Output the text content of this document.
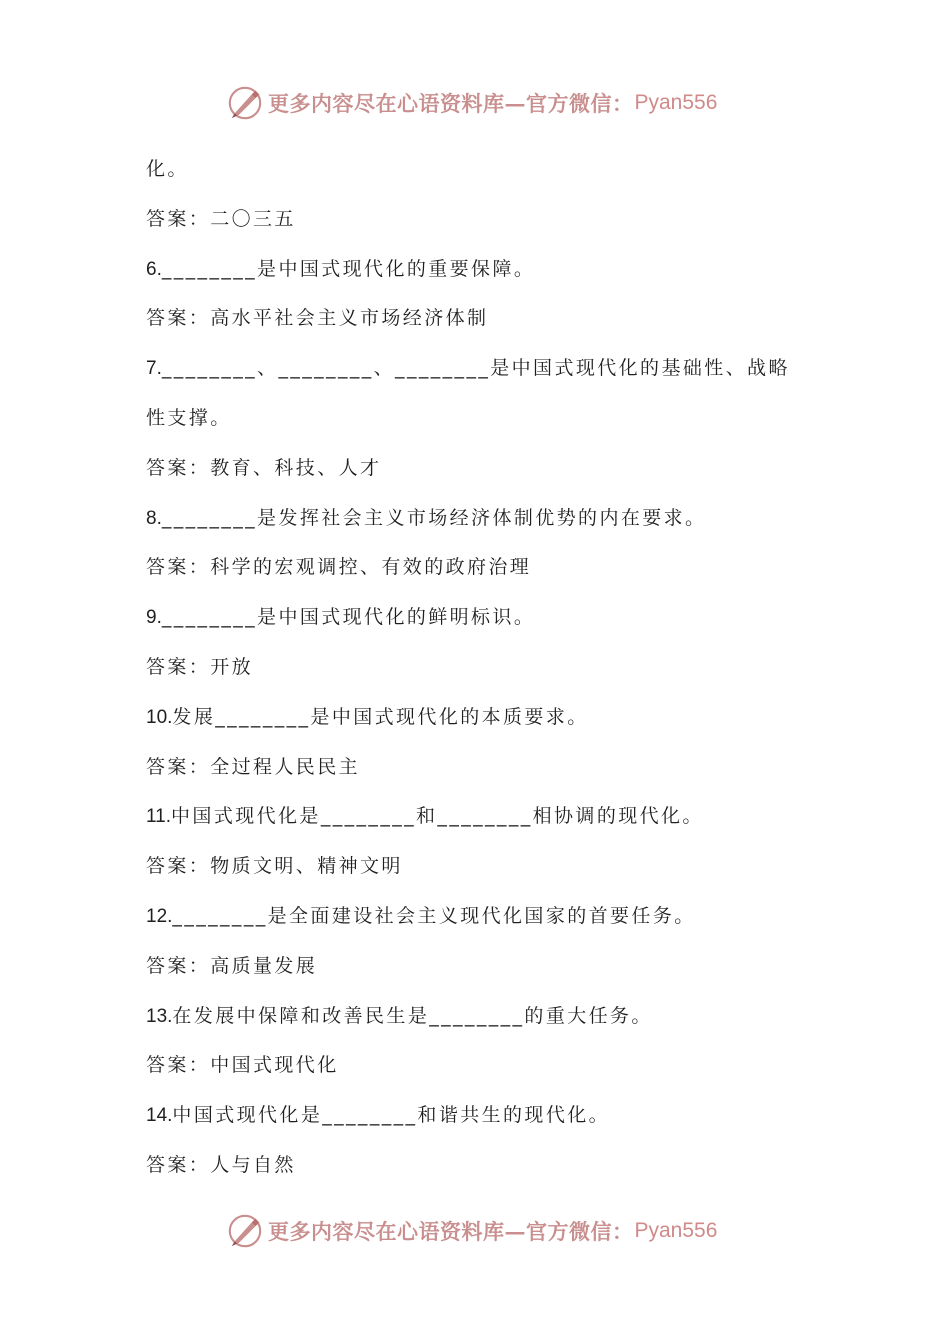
更多内容尽在心语资料库—官方微信： Pyan556
化。
答案：二〇三五
6.________是中国式现代化的重要保障。
答案：高水平社会主义市场经济体制
7.________、________、________是中国式现代化的基础性、战略
性支撑。
答案：教育、科技、人才
8.________是发挥社会主义市场经济体制优势的内在要求。
答案：科学的宏观调控、有效的政府治理
9.________是中国式现代化的鲜明标识。
答案：开放
10.发展________是中国式现代化的本质要求。
答案：全过程人民民主
11.中国式现代化是________和________相协调的现代化。
答案：物质文明、精神文明
12.________是全面建设社会主义现代化国家的首要任务。
答案：高质量发展
13.在发展中保障和改善民生是________的重大任务。
答案：中国式现代化
14.中国式现代化是________和谐共生的现代化。
答案：人与自然
更多内容尽在心语资料库—官方微信： Pyan556
